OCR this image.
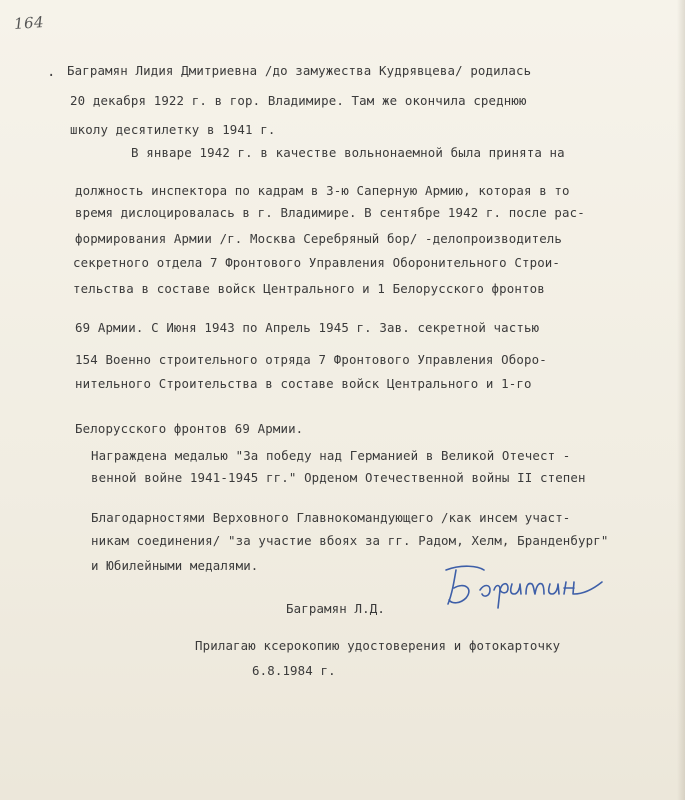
164
. Баграмян Лидия Дмитриевна /до замужества Кудрявцева/ родилась
20 декабря 1922 г. в гор. Владимире. Там же окончила среднюю
школу десятилетку в 1941 г.
В январе 1942 г. в качестве вольнонаемной была принята на
должность инспектора по кадрам в 3-ю Саперную Армию, которая в то
время дислоцировалась в г. Владимире. В сентябре 1942 г. после рас-
формирования Армии /г. Москва Серебряный бор/ -делопроизводитель
секретного отдела 7 Фронтового Управления Оборонительного Строи-
тельства в составе войск Центрального и 1 Белорусского фронтов
69 Армии. С Июня 1943 по Апрель 1945 г. Зав. секретной частью
154 Военно строительного отряда 7 Фронтового Управления Оборо-
нительного Строительства в составе войск Центрального и 1-го
Белорусского фронтов 69 Армии.
Награждена медалью "За победу над Германией в Великой Отечест -
венной войне 1941-1945 гг." Орденом Отечественной войны II степен
Благодарностями Верховного Главнокомандующего /как инсем участ-
никам соединения/ "за участие вбоях за гг. Радом, Хелм, Бранденбург"
и Юбилейными медалями.
Баграмян Л.Д.
Баграмян
Прилагаю ксерокопию удостоверения и фотокарточку
6.8.1984 г.
